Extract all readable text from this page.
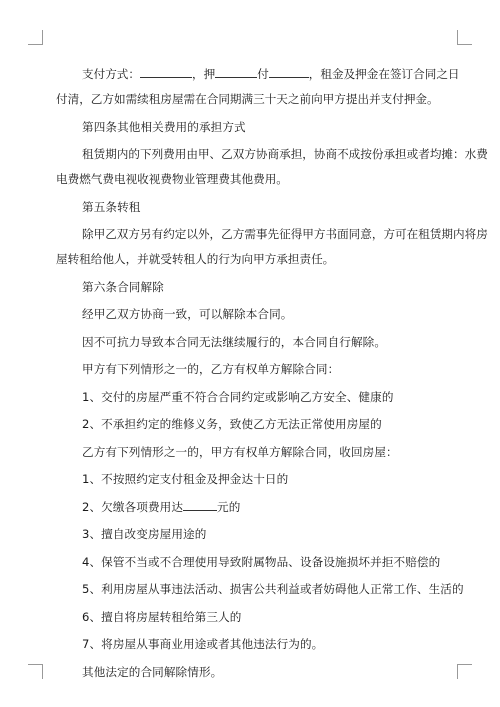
支付方式：	，押	付	，租金及押金在签订合同之日
付清，乙方如需续租房屋需在合同期满三十天之前向甲方提出并支付押金。
第四条其他相关费用的承担方式
租赁期内的下列费用由甲、乙双方协商承担，协商不成按份承担或者均摊：水费
电费燃气费电视收视费物业管理费其他费用。
第五条转租
除甲乙双方另有约定以外，乙方需事先征得甲方书面同意，方可在租赁期内将房
屋转租给他人，并就受转租人的行为向甲方承担责任。
第六条合同解除
经甲乙双方协商一致，可以解除本合同。
因不可抗力导致本合同无法继续履行的，本合同自行解除。
甲方有下列情形之一的，乙方有权单方解除合同：
1、交付的房屋严重不符合合同约定或影响乙方安全、健康的
2、不承担约定的维修义务，致使乙方无法正常使用房屋的
乙方有下列情形之一的，甲方有权单方解除合同，收回房屋：
1、不按照约定支付租金及押金达十日的
2、欠缴各项费用达	元的
3、擅自改变房屋用途的
4、保管不当或不合理使用导致附属物品、设备设施损坏并拒不赔偿的
5、利用房屋从事违法活动、损害公共利益或者妨碍他人正常工作、生活的
6、擅自将房屋转租给第三人的
7、将房屋从事商业用途或者其他违法行为的。
其他法定的合同解除情形。
